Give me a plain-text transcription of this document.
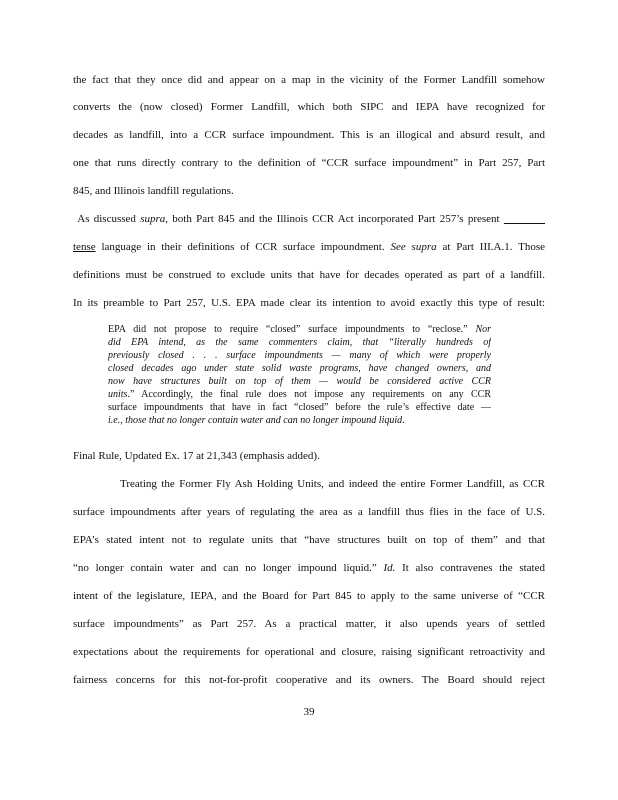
the fact that they once did and appear on a map in the vicinity of the Former Landfill somehow

converts the (now closed) Former Landfill, which both SIPC and IEPA have recognized for

decades as landfill, into a CCR surface impoundment. This is an illogical and absurd result, and

one that runs directly contrary to the definition of “CCR surface impoundment” in Part 257, Part

845, and Illinois landfill regulations.

As discussed supra, both Part 845 and the Illinois CCR Act incorporated Part 257’s present

tense language in their definitions of CCR surface impoundment. See supra at Part III.A.1. Those

definitions must be construed to exclude units that have for decades operated as part of a landfill.

In its preamble to Part 257, U.S. EPA made clear its intention to avoid exactly this type of result:

EPA did not propose to require “closed” surface impoundments to “reclose.” Nor

did EPA intend, as the same commenters claim, that “literally hundreds of

previously closed . . . surface impoundments — many of which were properly

closed decades ago under state solid waste programs, have changed owners, and

now have structures built on top of them — would be considered active CCR

units.” Accordingly, the final rule does not impose any requirements on any CCR

surface impoundments that have in fact “closed” before the rule’s effective date —

i.e., those that no longer contain water and can no longer impound liquid.

Final Rule, Updated Ex. 17 at 21,343 (emphasis added).

Treating the Former Fly Ash Holding Units, and indeed the entire Former Landfill, as CCR

surface impoundments after years of regulating the area as a landfill thus flies in the face of U.S.

EPA’s stated intent not to regulate units that “have structures built on top of them” and that

“no longer contain water and can no longer impound liquid.” Id. It also contravenes the stated

intent of the legislature, IEPA, and the Board for Part 845 to apply to the same universe of “CCR

surface impoundments” as Part 257. As a practical matter, it also upends years of settled

expectations about the requirements for operational and closure, raising significant retroactivity and

fairness concerns for this not-for-profit cooperative and its owners. The Board should reject

39
